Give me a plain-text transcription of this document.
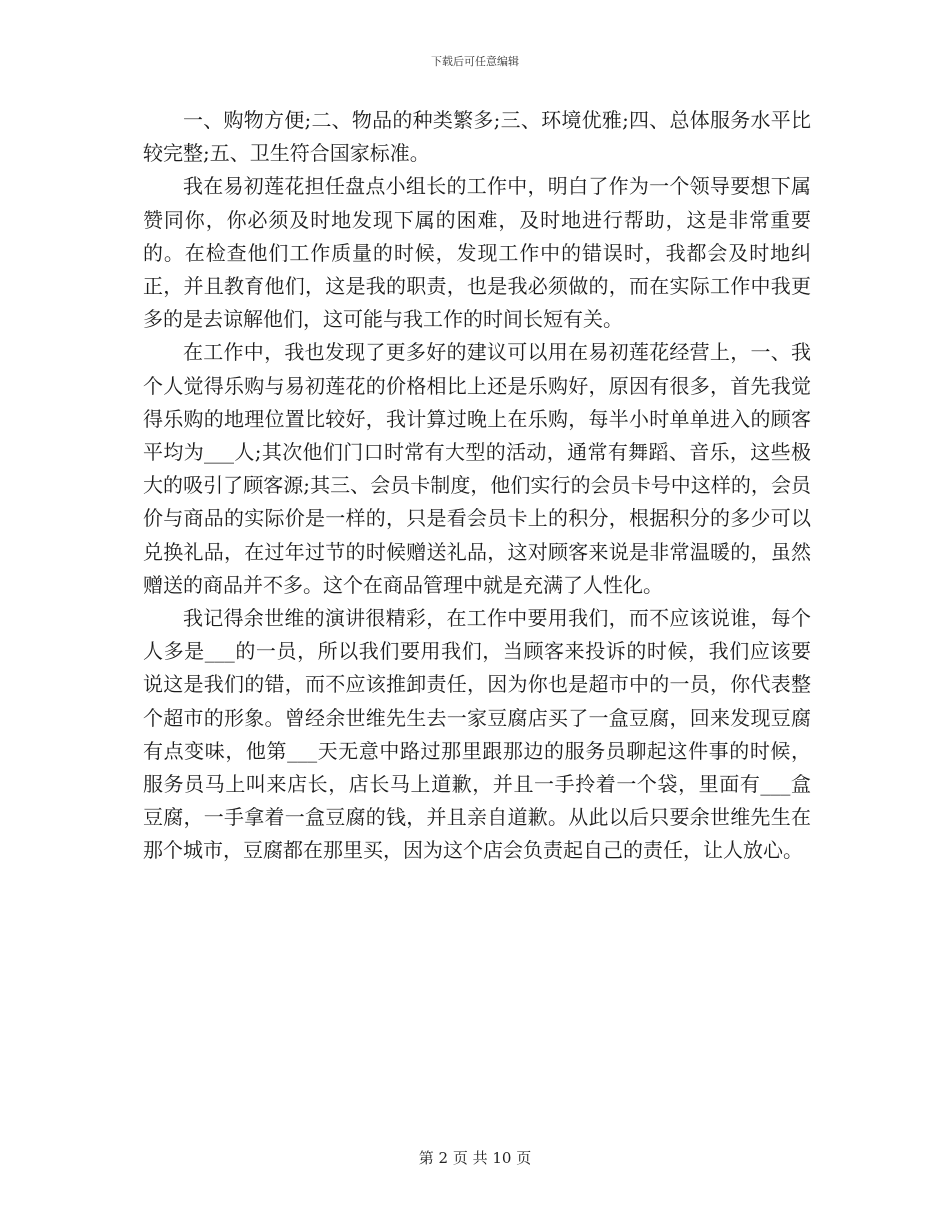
下载后可任意编辑

一、购物方便;二、物品的种类繁多;三、环境优雅;四、总体服务水平比较完整;五、卫生符合国家标准。

我在易初莲花担任盘点小组长的工作中，明白了作为一个领导要想下属赞同你，你必须及时地发现下属的困难，及时地进行帮助，这是非常重要的。在检查他们工作质量的时候，发现工作中的错误时，我都会及时地纠正，并且教育他们，这是我的职责，也是我必须做的，而在实际工作中我更多的是去谅解他们，这可能与我工作的时间长短有关。

在工作中，我也发现了更多好的建议可以用在易初莲花经营上，一、我个人觉得乐购与易初莲花的价格相比上还是乐购好，原因有很多，首先我觉得乐购的地理位置比较好，我计算过晚上在乐购，每半小时单单进入的顾客平均为___人;其次他们门口时常有大型的活动，通常有舞蹈、音乐，这些极大的吸引了顾客源;其三、会员卡制度，他们实行的会员卡号中这样的，会员价与商品的实际价是一样的，只是看会员卡上的积分，根据积分的多少可以兑换礼品，在过年过节的时候赠送礼品，这对顾客来说是非常温暖的，虽然赠送的商品并不多。这个在商品管理中就是充满了人性化。

我记得余世维的演讲很精彩，在工作中要用我们，而不应该说谁，每个人多是___的一员，所以我们要用我们，当顾客来投诉的时候，我们应该要说这是我们的错，而不应该推卸责任，因为你也是超市中的一员，你代表整个超市的形象。曾经余世维先生去一家豆腐店买了一盒豆腐，回来发现豆腐有点变味，他第___天无意中路过那里跟那边的服务员聊起这件事的时候，服务员马上叫来店长，店长马上道歉，并且一手拎着一个袋，里面有___盒豆腐，一手拿着一盒豆腐的钱，并且亲自道歉。从此以后只要余世维先生在那个城市，豆腐都在那里买，因为这个店会负责起自己的责任，让人放心。

第 2 页 共 10 页
